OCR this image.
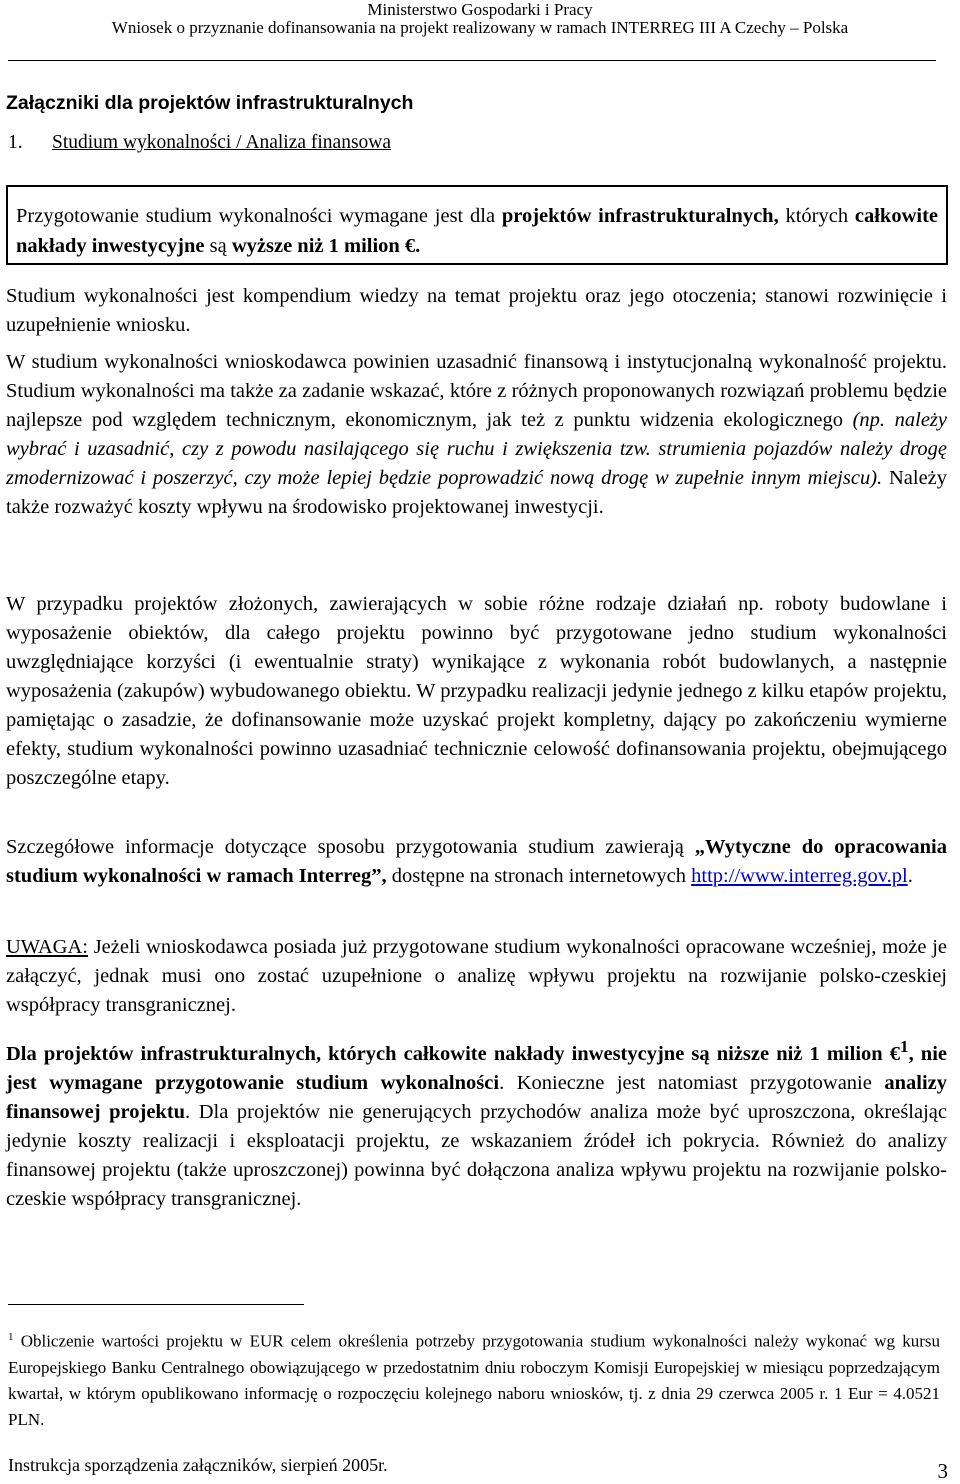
Ministerstwo Gospodarki i Pracy
Wniosek o przyznanie dofinansowania na projekt realizowany w ramach INTERREG III A Czechy – Polska
Załączniki dla projektów infrastrukturalnych
1. Studium wykonalności / Analiza finansowa
Przygotowanie studium wykonalności wymagane jest dla projektów infrastrukturalnych, których całkowite nakłady inwestycyjne są wyższe niż 1 milion €.
Studium wykonalności jest kompendium wiedzy na temat projektu oraz jego otoczenia; stanowi rozwinięcie i uzupełnienie wniosku.
W studium wykonalności wnioskodawca powinien uzasadnić finansową i instytucjonalną wykonalność projektu. Studium wykonalności ma także za zadanie wskazać, które z różnych proponowanych rozwiązań problemu będzie najlepsze pod względem technicznym, ekonomicznym, jak też z punktu widzenia ekologicznego (np. należy wybrać i uzasadnić, czy z powodu nasilającego się ruchu i zwiększenia tzw. strumienia pojazdów należy drogę zmodernizować i poszerzyć, czy może lepiej będzie poprowadzić nową drogę w zupełnie innym miejscu). Należy także rozważyć koszty wpływu na środowisko projektowanej inwestycji.
W przypadku projektów złożonych, zawierających w sobie różne rodzaje działań np. roboty budowlane i wyposażenie obiektów, dla całego projektu powinno być przygotowane jedno studium wykonalności uwzględniające korzyści (i ewentualnie straty) wynikające z wykonania robót budowlanych, a następnie wyposażenia (zakupów) wybudowanego obiektu. W przypadku realizacji jedynie jednego z kilku etapów projektu, pamiętając o zasadzie, że dofinansowanie może uzyskać projekt kompletny, dający po zakończeniu wymierne efekty, studium wykonalności powinno uzasadniać technicznie celowość dofinansowania projektu, obejmującego poszczególne etapy.
Szczegółowe informacje dotyczące sposobu przygotowania studium zawierają „Wytyczne do opracowania studium wykonalności w ramach Interreg”, dostępne na stronach internetowych http://www.interreg.gov.pl.
UWAGA: Jeżeli wnioskodawca posiada już przygotowane studium wykonalności opracowane wcześniej, może je załączyć, jednak musi ono zostać uzupełnione o analizę wpływu projektu na rozwijanie polsko-czeskiej współpracy transgranicznej.
Dla projektów infrastrukturalnych, których całkowite nakłady inwestycyjne są niższe niż 1 milion €$^1$, nie jest wymagane przygotowanie studium wykonalności. Konieczne jest natomiast przygotowanie analizy finansowej projektu. Dla projektów nie generujących przychodów analiza może być uproszczona, określając jedynie koszty realizacji i eksploatacji projektu, ze wskazaniem źródeł ich pokrycia. Również do analizy finansowej projektu (także uproszczonej) powinna być dołączona analiza wpływu projektu na rozwijanie polsko-czeskie współpracy transgranicznej.
$^1$ Obliczenie wartości projektu w EUR celem określenia potrzeby przygotowania studium wykonalności należy wykonać wg kursu Europejskiego Banku Centralnego obowiązującego w przedostatnim dniu roboczym Komisji Europejskiej w miesiącu poprzedzającym kwartał, w którym opublikowano informację o rozpoczęciu kolejnego naboru wniosków, tj. z dnia 29 czerwca 2005 r. 1 Eur = 4.0521 PLN.
Instrukcja sporządzenia załączników, sierpień 2005r.	3
